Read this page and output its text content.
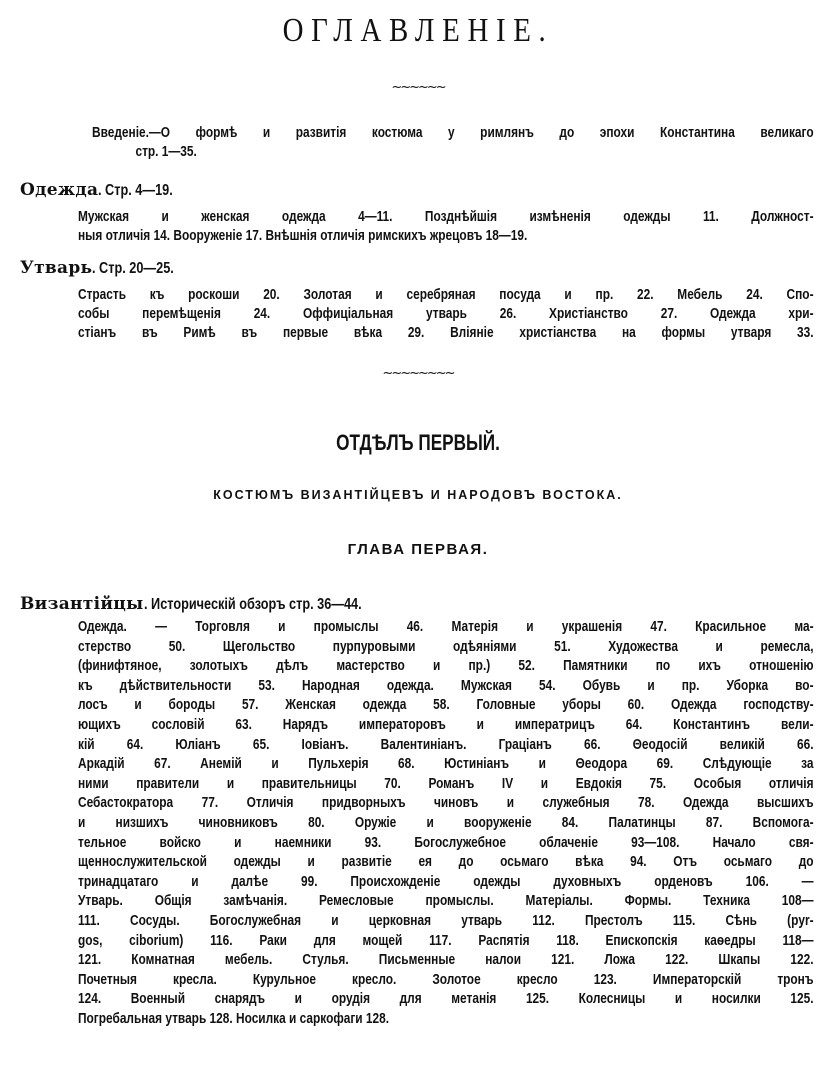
ОГЛАВЛЕНІЕ.
~~~~~~
Введеніе.—О формѣ и развитія костюма у римлянъ до эпохи Константина великаго
стр. 1—35.
Одежда. Стр. 4—19.
Мужская и женская одежда 4—11. Позднѣйшія измѣненія одежды 11. Должност-
ныя отличія 14. Вооруженіе 17. Внѣшнія отличія римскихъ жрецовъ 18—19.
Утварь. Стр. 20—25.
Страсть къ роскоши 20. Золотая и серебряная посуда и пр. 22. Мебель 24. Спо-
собы перемѣщенія 24. Оффиціальная утварь 26. Христіанство 27. Одежда хри-
стіанъ въ Римѣ въ первые вѣка 29. Вліяніе христіанства на формы утваря 33.
~~~~~~~~
ОТДѢЛЪ ПЕРВЫЙ.
КОСТЮМЪ ВИЗАНТІЙЦЕВЪ И НАРОДОВЪ ВОСТОКА.
ГЛАВА ПЕРВАЯ.
Византійцы. Историческій обзоръ стр. 36—44.
Одежда. — Торговля и промыслы 46. Матерія и украшенія 47. Красильное ма-
стерство 50. Щегольство пурпуровыми одѣяніями 51. Художества и ремесла,
(финифтяное, золотыхъ дѣлъ мастерство и пр.) 52. Памятники по ихъ отношенію
къ дѣйствительности 53. Народная одежда. Мужская 54. Обувь и пр. Уборка во-
лосъ и бороды 57. Женская одежда 58. Головные уборы 60. Одежда господству-
ющихъ сословій 63. Нарядъ императоровъ и императрицъ 64. Константинъ вели-
кій 64. Юліанъ 65. Іовіанъ. Валентиніанъ. Граціанъ 66. Θеодосій великій 66.
Аркадій 67. Анемій и Пульхерія 68. Юстиніанъ и Θеодора 69. Слѣдующіе за
ними правители и правительницы 70. Романъ IV и Евдокія 75. Особыя отличія
Себастократора 77. Отличія придворныхъ чиновъ и служебныя 78. Одежда высшихъ
и низшихъ чиновниковъ 80. Оружіе и вооруженіе 84. Палатинцы 87. Вспомога-
тельное войско и наемники 93. Богослужебное облаченіе 93—108. Начало свя-
щеннослужительской одежды и развитіе ея до осьмаго вѣка 94. Отъ осьмаго до
тринадцатаго и далѣе 99. Происхожденіе одежды духовныхъ орденовъ 106. —
Утварь. Общія замѣчанія. Ремесловые промыслы. Матеріалы. Формы. Техника 108—
111. Сосуды. Богослужебная и церковная утварь 112. Престолъ 115. Сѣнь (pyr-
gos, ciborium) 116. Раки для мощей 117. Распятія 118. Епископскія каѳедры 118—
121. Комнатная мебель. Стулья. Письменные налои 121. Ложа 122. Шкапы 122.
Почетныя кресла. Курульное кресло. Золотое кресло 123. Императорскій тронъ
124. Военный снарядъ и орудія для метанія 125. Колесницы и носилки 125.
Погребальная утварь 128. Носилка и саркофаги 128.
